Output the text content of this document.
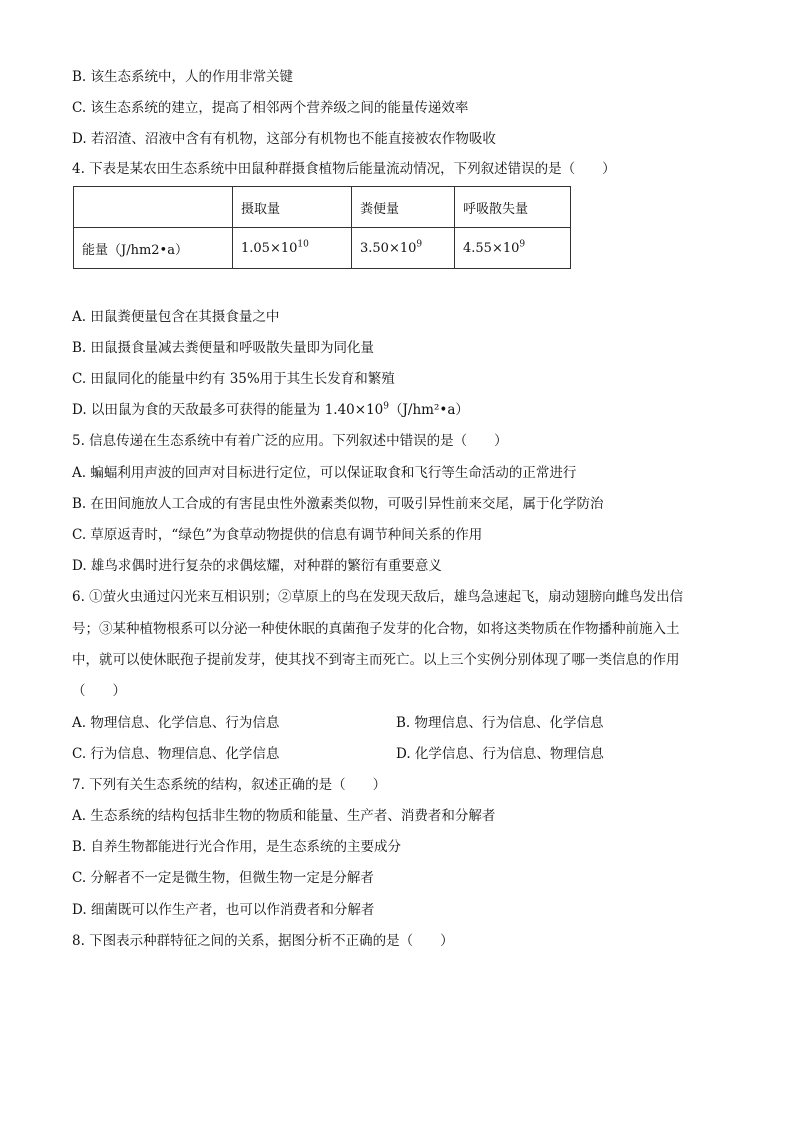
B. 该生态系统中，人的作用非常关键
C. 该生态系统的建立，提高了相邻两个营养级之间的能量传递效率
D. 若沼渣、沼液中含有有机物，这部分有机物也不能直接被农作物吸收
4. 下表是某农田生态系统中田鼠种群摄食植物后能量流动情况，下列叙述错误的是（　　）
	摄取量	粪便量	呼吸散失量
能量（J/hm2•a）	$1.05\times 10^{10}$	$3.50\times 10^9$	$4.55\times 10^9$
A. 田鼠粪便量包含在其摄食量之中
B. 田鼠摄食量减去粪便量和呼吸散失量即为同化量
C. 田鼠同化的能量中约有 35%用于其生长发育和繁殖
D. 以田鼠为食的天敌最多可获得的能量为 $1.40\times 10^9(J/hm^2•a)$
5. 信息传递在生态系统中有着广泛的应用。下列叙述中错误的是（　　）
A. 蝙蝠利用声波的回声对目标进行定位，可以保证取食和飞行等生命活动的正常进行
B. 在田间施放人工合成的有害昆虫性外激素类似物，可吸引异性前来交尾，属于化学防治
C. 草原返青时，“绿色”为食草动物提供的信息有调节种间关系的作用
D. 雄鸟求偶时进行复杂的求偶炫耀，对种群的繁衍有重要意义
6. ①萤火虫通过闪光来互相识别；②草原上的鸟在发现天敌后，雄鸟急速起飞，扇动翅膀向雌鸟发出信
号；③某种植物根系可以分泌一种使休眠的真菌孢子发芽的化合物，如将这类物质在作物播种前施入土
中，就可以使休眠孢子提前发芽，使其找不到寄主而死亡。以上三个实例分别体现了哪一类信息的作用
（　　）
A. 物理信息、化学信息、行为信息	B. 物理信息、行为信息、化学信息
C. 行为信息、物理信息、化学信息	D. 化学信息、行为信息、物理信息
7. 下列有关生态系统的结构，叙述正确的是（　　）
A. 生态系统的结构包括非生物的物质和能量、生产者、消费者和分解者
B. 自养生物都能进行光合作用，是生态系统的主要成分
C. 分解者不一定是微生物，但微生物一定是分解者
D. 细菌既可以作生产者，也可以作消费者和分解者
8. 下图表示种群特征之间的关系，据图分析不正确的是（　　）
